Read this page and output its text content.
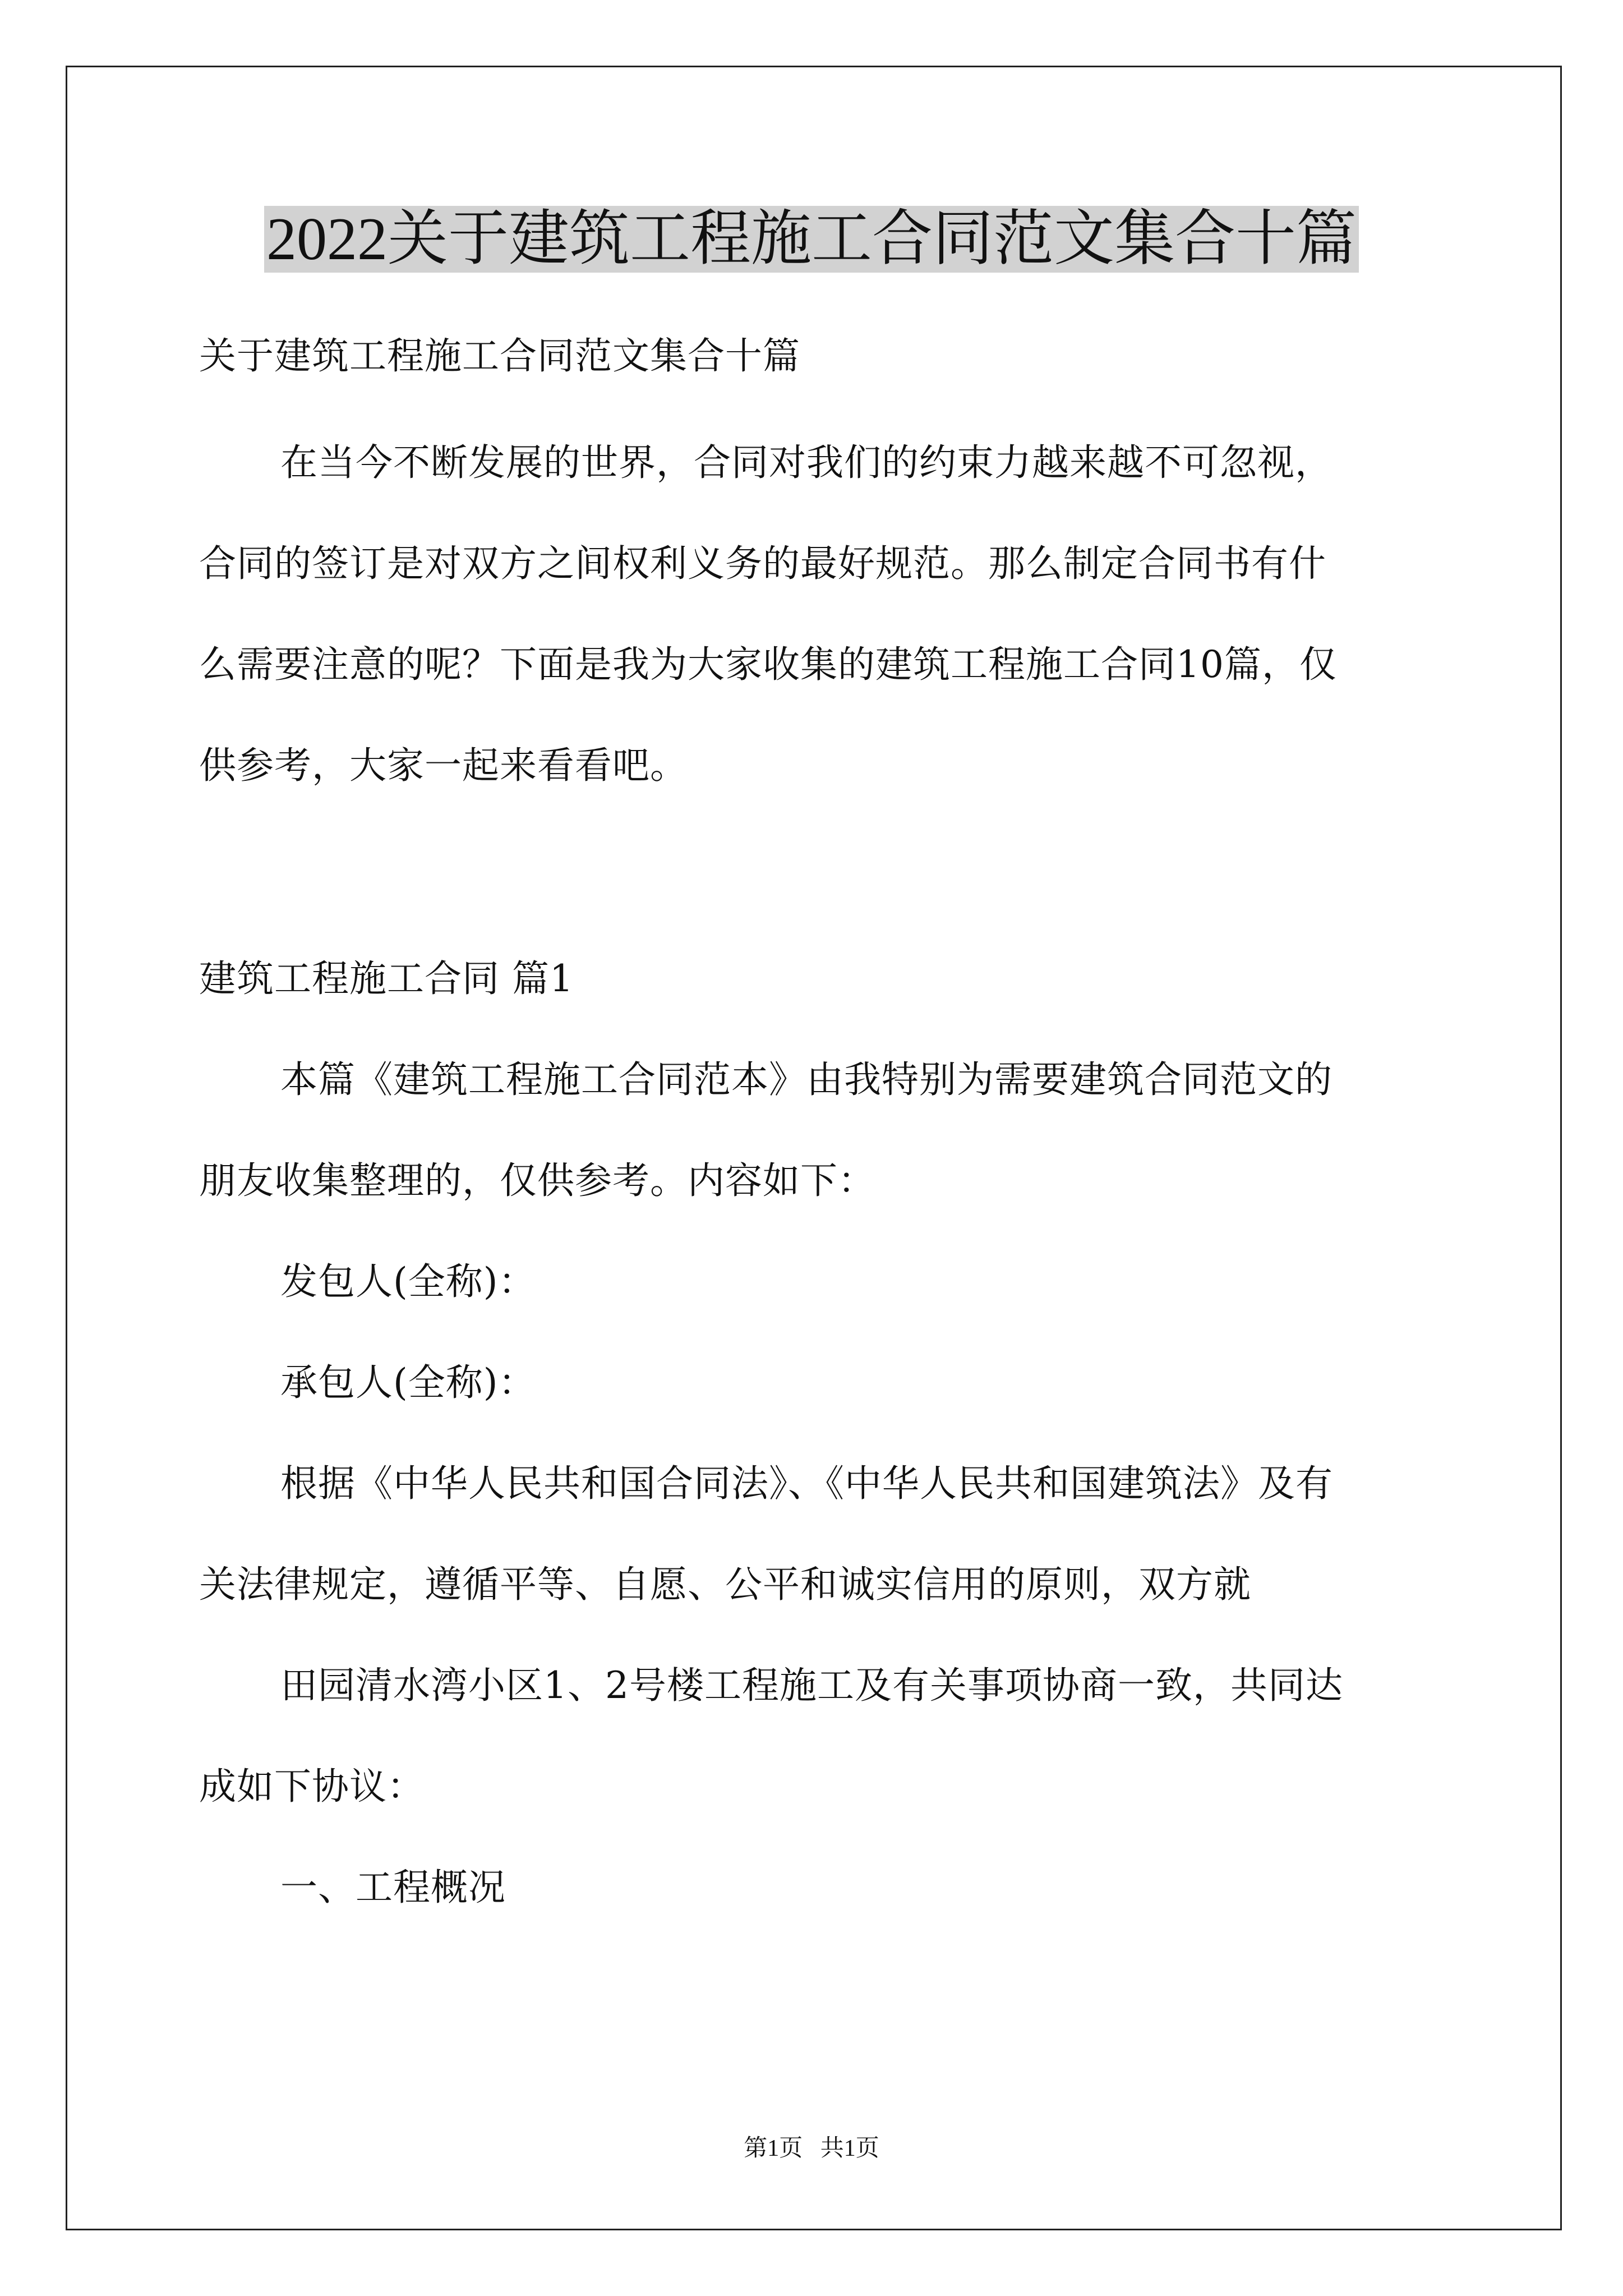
2022关于建筑工程施工合同范文集合十篇
关于建筑工程施工合同范文集合十篇
在当今不断发展的世界，合同对我们的约束力越来越不可忽视，
合同的签订是对双方之间权利义务的最好规范。那么制定合同书有什
么需要注意的呢？下面是我为大家收集的建筑工程施工合同10篇，仅
供参考，大家一起来看看吧。
建筑工程施工合同 篇1
本篇《建筑工程施工合同范本》由我特别为需要建筑合同范文的
朋友收集整理的，仅供参考。内容如下：
发包人(全称)：
承包人(全称)：
根据《中华人民共和国合同法》、《中华人民共和国建筑法》及有
关法律规定，遵循平等、自愿、公平和诚实信用的原则，双方就
田园清水湾小区1、2号楼工程施工及有关事项协商一致，共同达
成如下协议：
一、工程概况
第1页   共1页
